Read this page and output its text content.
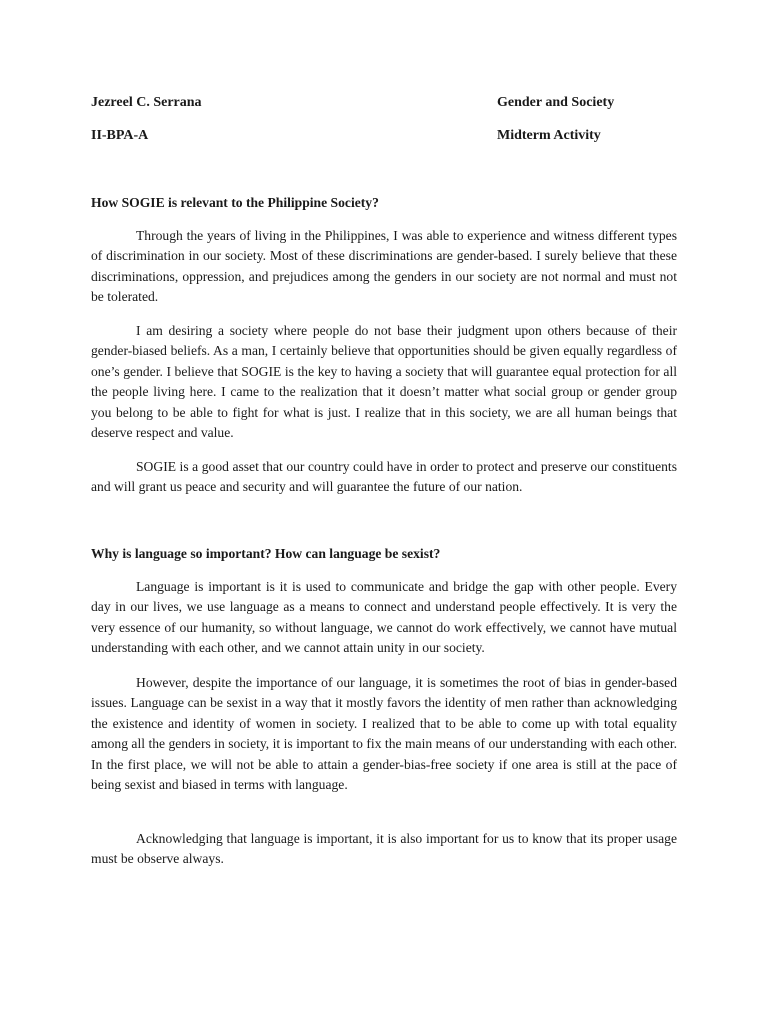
Jezreel C. Serrana	Gender and Society
II-BPA-A	Midterm Activity
How SOGIE is relevant to the Philippine Society?

Through the years of living in the Philippines, I was able to experience and witness different types of discrimination in our society. Most of these discriminations are gender-based. I surely believe that these discriminations, oppression, and prejudices among the genders in our society are not normal and must not be tolerated.

I am desiring a society where people do not base their judgment upon others because of their gender-biased beliefs. As a man, I certainly believe that opportunities should be given equally regardless of one’s gender. I believe that SOGIE is the key to having a society that will guarantee equal protection for all the people living here. I came to the realization that it doesn’t matter what social group or gender group you belong to be able to fight for what is just. I realize that in this society, we are all human beings that deserve respect and value.

SOGIE is a good asset that our country could have in order to protect and preserve our constituents and will grant us peace and security and will guarantee the future of our nation.

Why is language so important? How can language be sexist?

Language is important is it is used to communicate and bridge the gap with other people. Every day in our lives, we use language as a means to connect and understand people effectively. It is very the very essence of our humanity, so without language, we cannot do work effectively, we cannot have mutual understanding with each other, and we cannot attain unity in our society.

However, despite the importance of our language, it is sometimes the root of bias in gender-based issues. Language can be sexist in a way that it mostly favors the identity of men rather than acknowledging the existence and identity of women in society. I realized that to be able to come up with total equality among all the genders in society, it is important to fix the main means of our understanding with each other. In the first place, we will not be able to attain a gender-bias-free society if one area is still at the pace of being sexist and biased in terms with language.

Acknowledging that language is important, it is also important for us to know that its proper usage must be observe always.
